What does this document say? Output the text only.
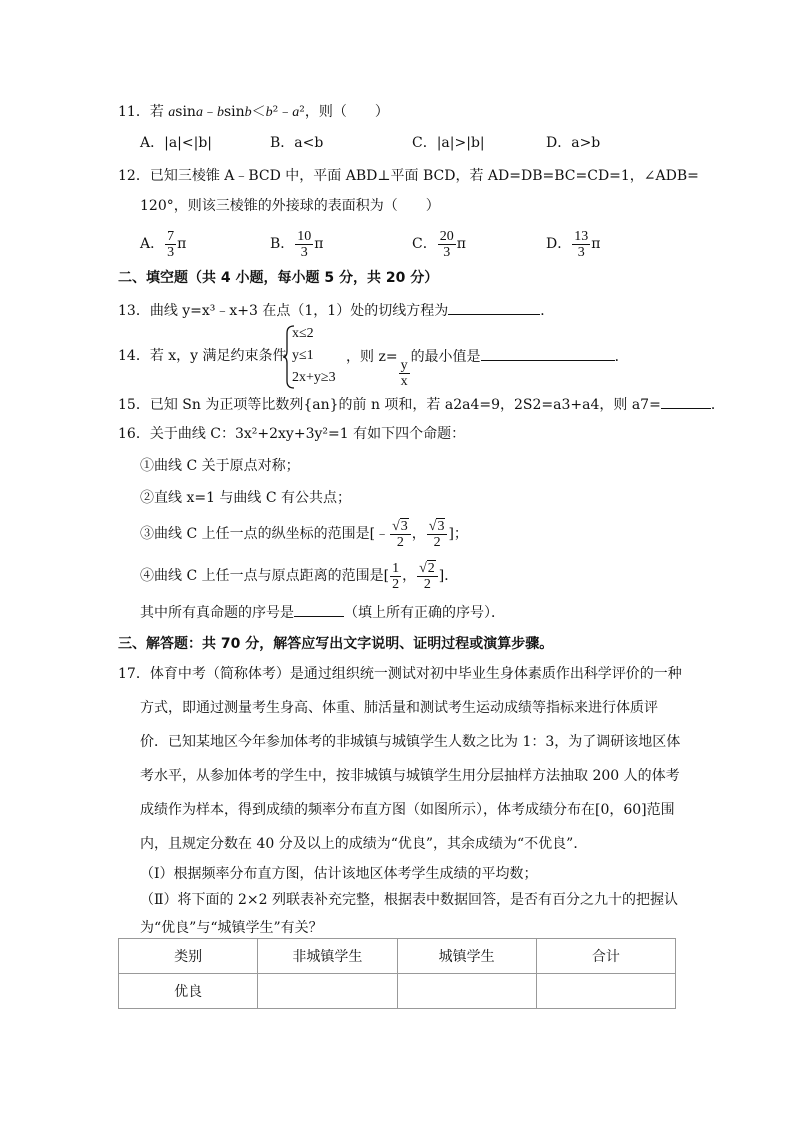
11．若 asina﹣bsinb＜b²﹣a²，则（　　）
A．|a|<|b|	B．a<b	C．|a|>|b|	D．a>b
12．已知三棱锥 A﹣BCD 中，平面 ABD⊥平面 BCD，若 AD=DB=BC=CD=1，∠ADB=
120°，则该三棱锥的外接球的表面积为（　　）
A． $\frac{7}{3}$ π	B． $\frac{10}{3}$ π	C． $\frac{20}{3}$ π	D． $\frac{13}{3}$ π
二、填空题（共 4 小题，每小题 5 分，共 20 分）
13．曲线 y=x³﹣x+3 在点（1，1）处的切线方程为	．
14．若 x，y 满足约束条件
x≤2
y≤1
2x+y≥3
，则 z=
$\frac{y}{x}$
的最小值是	．
15．已知 Sn 为正项等比数列{an}的前 n 项和，若 a2a4=9，2S2=a3+a4，则 a7=	．
16．关于曲线 C：3x²+2xy+3y²=1 有如下四个命题：
①曲线 C 关于原点对称；
②直线 x=1 与曲线 C 有公共点；
③曲线 C 上任一点的纵坐标的范围是[﹣ $\frac{√3}{2}$ ， $\frac{√3}{2}$ ]；
④曲线 C 上任一点与原点距离的范围是[ $\frac{1}{2}$ ， $\frac{√2}{2}$ ]．
其中所有真命题的序号是	（填上所有正确的序号）．
三、解答题：共 70 分，解答应写出文字说明、证明过程或演算步骤。
17．体育中考（简称体考）是通过组织统一测试对初中毕业生身体素质作出科学评价的一种
方式，即通过测量考生身高、体重、肺活量和测试考生运动成绩等指标来进行体质评
价．已知某地区今年参加体考的非城镇与城镇学生人数之比为 1：3，为了调研该地区体
考水平，从参加体考的学生中，按非城镇与城镇学生用分层抽样方法抽取 200 人的体考
成绩作为样本，得到成绩的频率分布直方图（如图所示），体考成绩分布在[0，60]范围
内，且规定分数在 40 分及以上的成绩为“优良”，其余成绩为“不优良”．
（Ⅰ）根据频率分布直方图，估计该地区体考学生成绩的平均数；
（Ⅱ）将下面的 2×2 列联表补充完整，根据表中数据回答，是否有百分之九十的把握认
为“优良”与“城镇学生”有关？
类别	非城镇学生	城镇学生	合计
优良			
